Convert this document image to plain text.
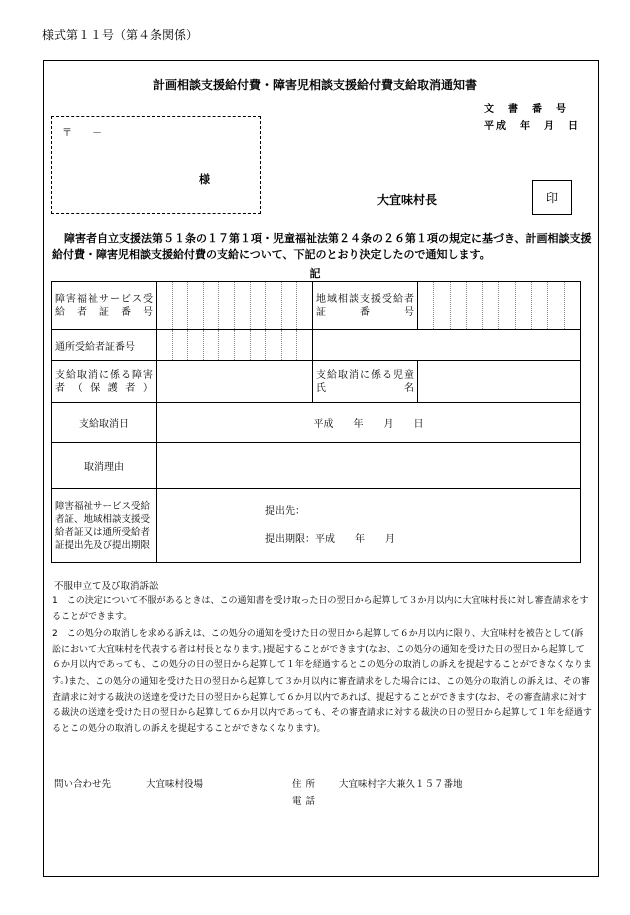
様式第１１号（第４条関係）
計画相談支援給付費・障害児相談支援給付費支給取消通知書
文　書　番　号
平成　年　月　日
〒　　－
様
大宜味村長	印
障害者自立支援法第５１条の１７第１項・児童福祉法第２４条の２６第１項の規定に基づき、計画相談支援給付費・障害児相談支援給付費の支給について、下記のとおり決定したので通知します。
記
障害福祉サービス受給者証番号		地域相談支援受給者証番号	

通所受給者証番号		

支給取消に係る障害者（保護者）		支給取消に係る児童氏名	

支給取消日	平成　　年　　月　　日		
取消理由			
障害福祉サービス受給者証、地域相談支援受給者証又は通所受給者証提出先及び提出期限	提出先：
提出期限：平成　　年　　月		
不服申立て及び取消訴訟
1　この決定について不服があるときは、この通知書を受け取った日の翌日から起算して３か月以内に大宜味村長に対し審査請求をすることができます。
2　この処分の取消しを求める訴えは、この処分の通知を受けた日の翌日から起算して６か月以内に限り、大宜味村を被告として(訴訟において大宜味村を代表する者は村長となります。)提起することができます(なお、この処分の通知を受けた日の翌日から起算して６か月以内であっても、この処分の日の翌日から起算して１年を経過するとこの処分の取消しの訴えを提起することができなくなります。) また、この処分の通知を受けた日の翌日から起算して３か月以内に審査請求をした場合には、この処分の取消しの訴えは、その審査請求に対する裁決の送達を受けた日の翌日から起算して６か月以内であれば、提起することができます(なお、その審査請求に対する裁決の送達を受けた日の翌日から起算して６か月以内であっても、その審査請求に対する裁決の日の翌日から起算して１年を経過するとこの処分の取消しの訴えを提起することができなくなります)。
問い合わせ先	大宜味村役場	住所 大宜味村字大兼久１５７番地
電話
